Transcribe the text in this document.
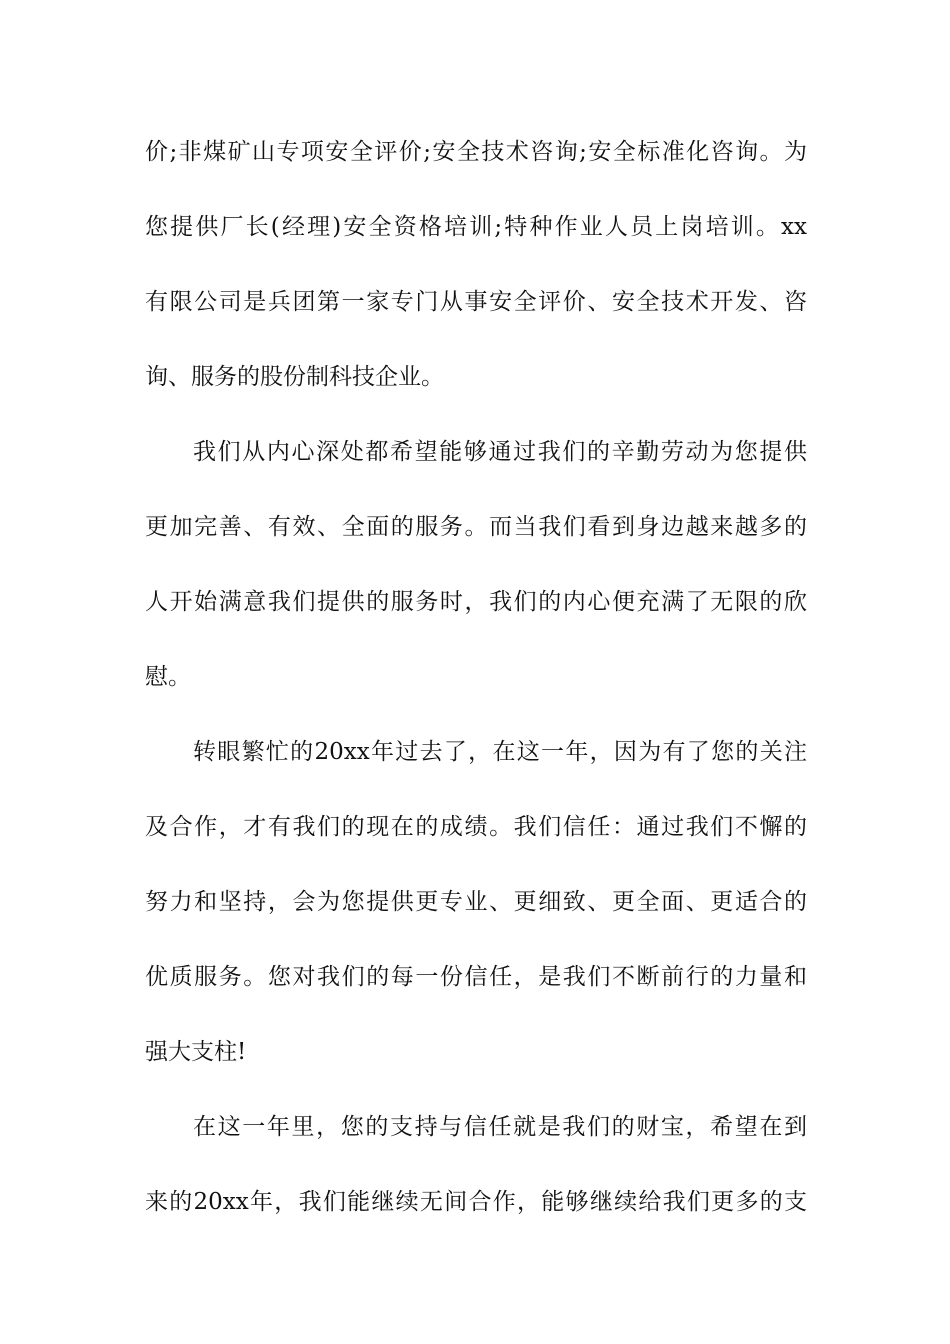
价;非煤矿山专项安全评价;安全技术咨询;安全标准化咨询。为
您提供厂长(经理)安全资格培训;特种作业人员上岗培训。xx
有限公司是兵团第一家专门从事安全评价、安全技术开发、咨
询、服务的股份制科技企业。
我们从内心深处都希望能够通过我们的辛勤劳动为您提供
更加完善、有效、全面的服务。而当我们看到身边越来越多的
人开始满意我们提供的服务时，我们的内心便充满了无限的欣
慰。
转眼繁忙的20xx年过去了，在这一年，因为有了您的关注
及合作，才有我们的现在的成绩。我们信任：通过我们不懈的
努力和坚持，会为您提供更专业、更细致、更全面、更适合的
优质服务。您对我们的每一份信任，是我们不断前行的力量和
强大支柱!
在这一年里，您的支持与信任就是我们的财宝，希望在到
来的20xx年，我们能继续无间合作，能够继续给我们更多的支
